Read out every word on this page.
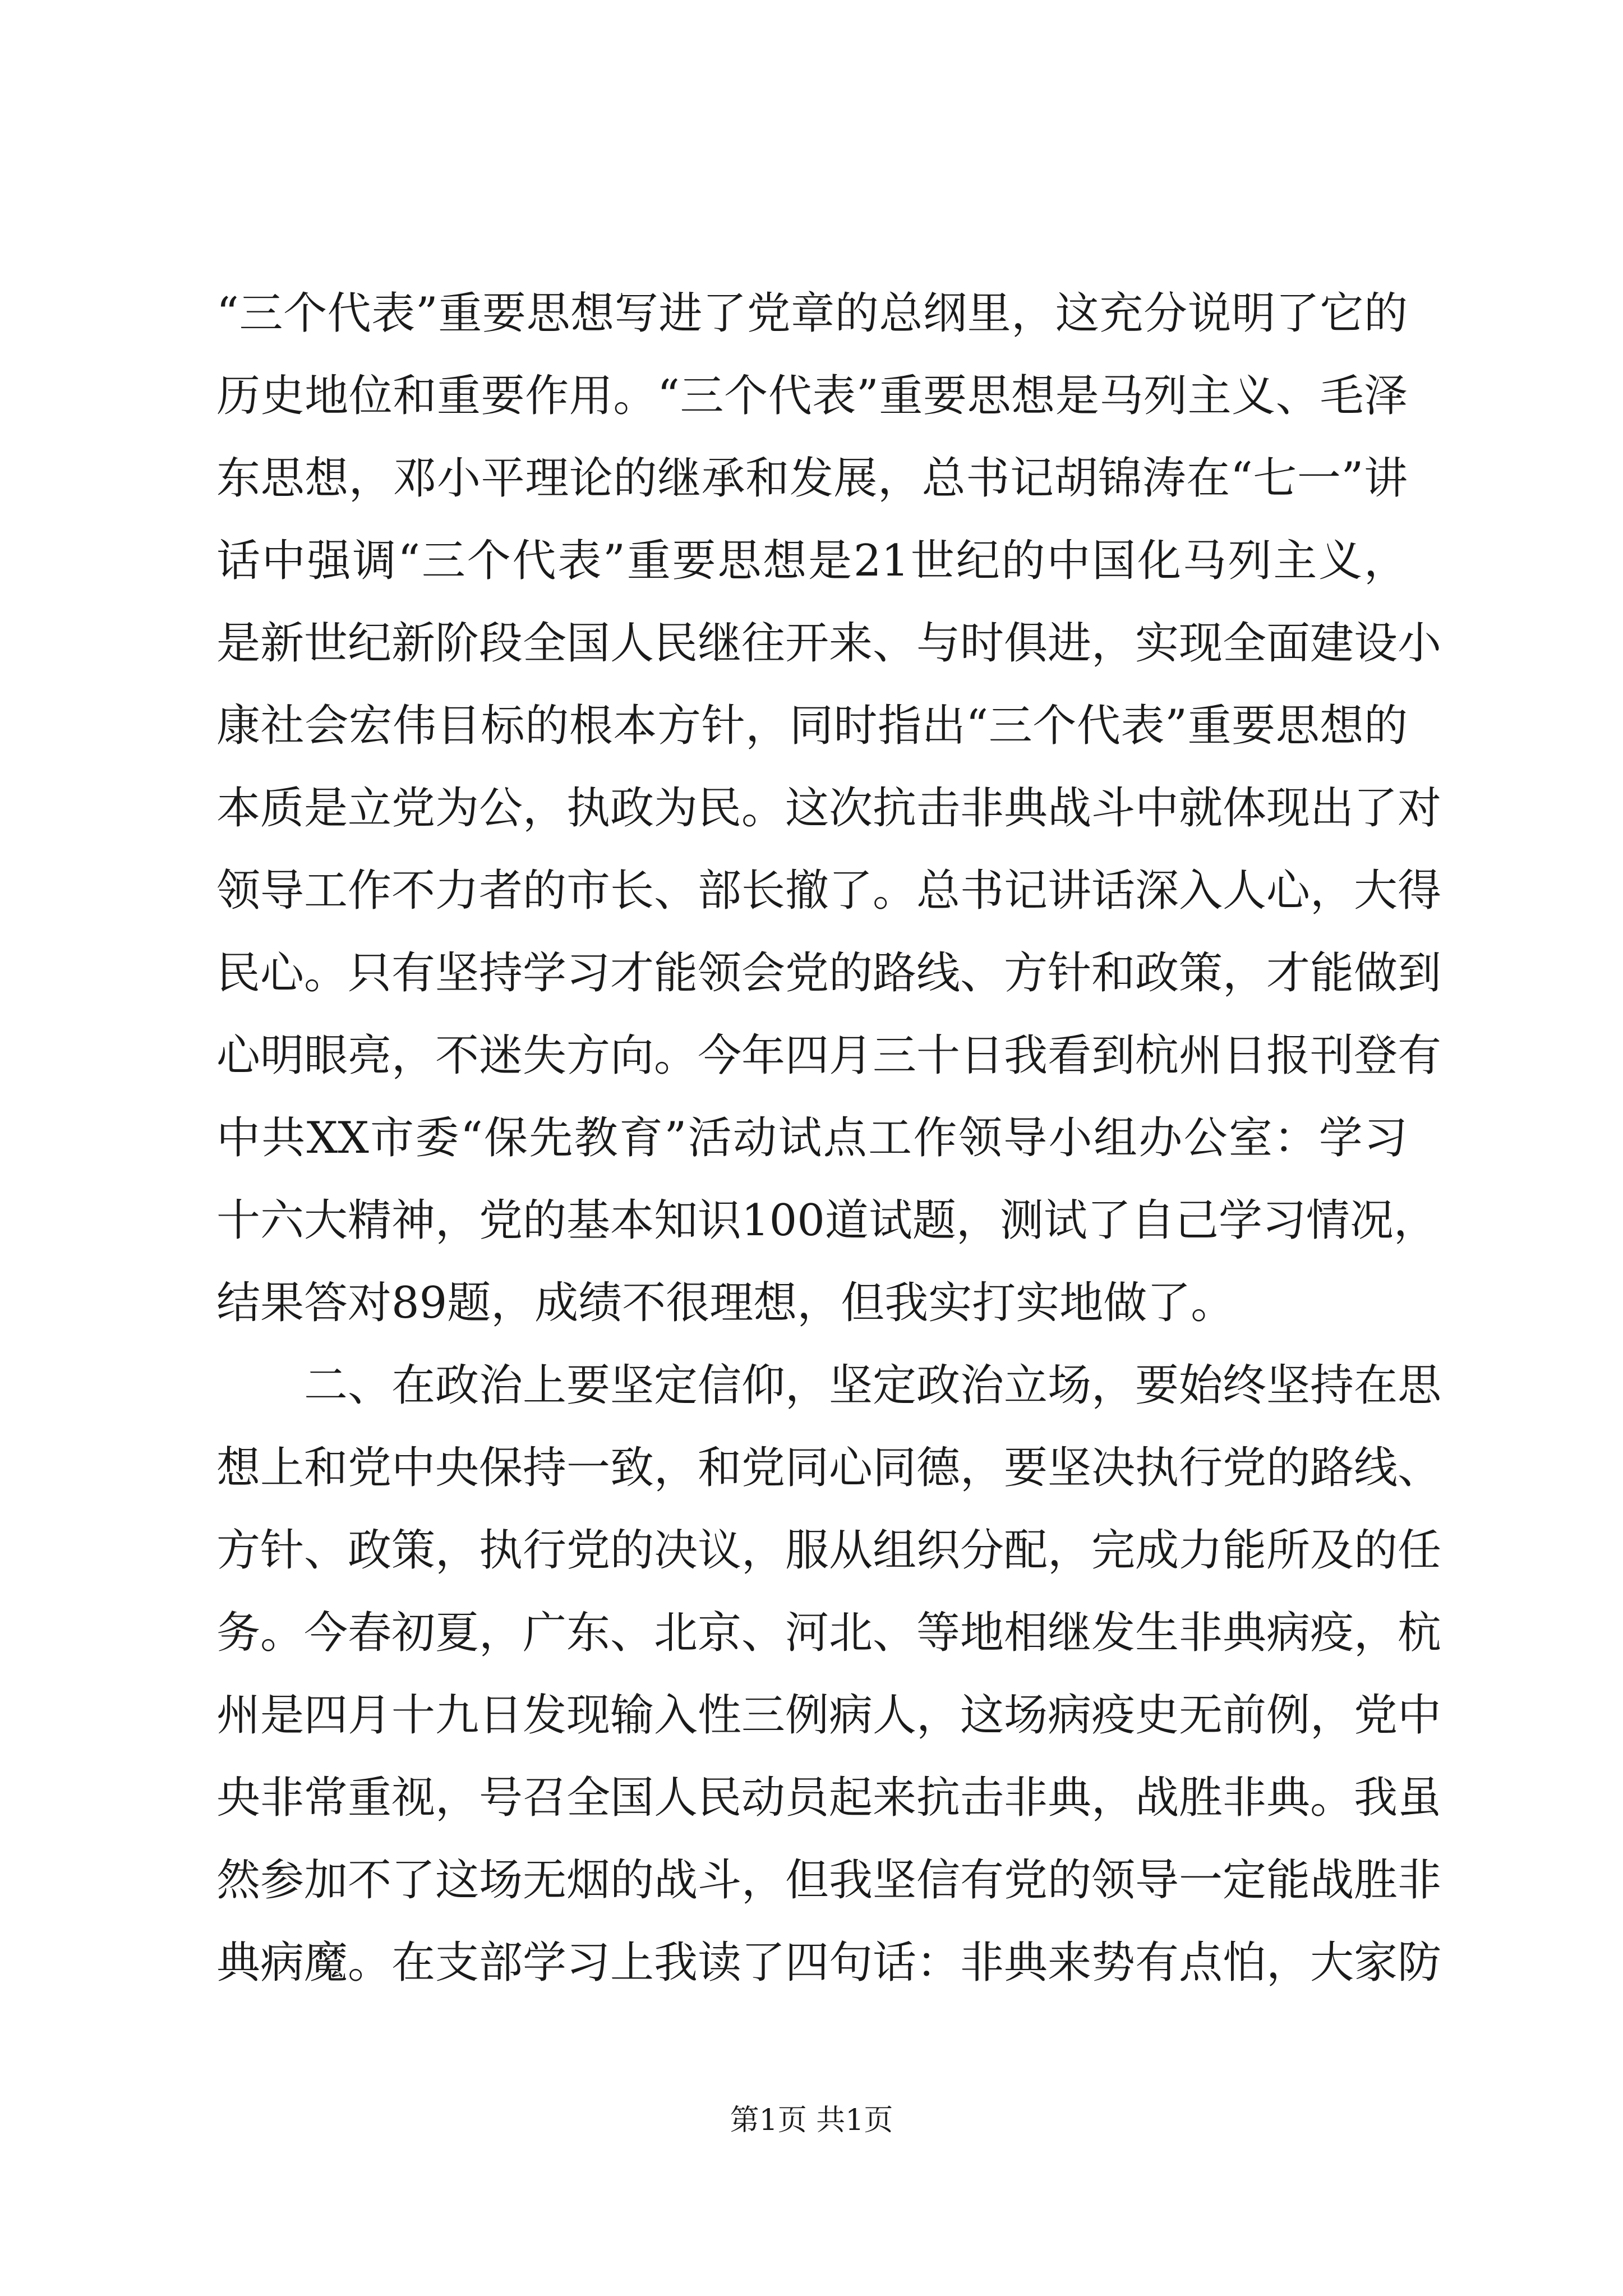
“三个代表”重要思想写进了党章的总纲里，这充分说明了它的
历史地位和重要作用。“三个代表”重要思想是马列主义、毛泽
东思想，邓小平理论的继承和发展，总书记胡锦涛在“七一”讲
话中强调“三个代表”重要思想是21世纪的中国化马列主义，
是新世纪新阶段全国人民继往开来、与时俱进，实现全面建设小
康社会宏伟目标的根本方针，同时指出“三个代表”重要思想的
本质是立党为公，执政为民。这次抗击非典战斗中就体现出了对
领导工作不力者的市长、部长撤了。总书记讲话深入人心，大得
民心。只有坚持学习才能领会党的路线、方针和政策，才能做到
心明眼亮，不迷失方向。今年四月三十日我看到杭州日报刊登有
中共XX市委“保先教育”活动试点工作领导小组办公室：学习
十六大精神，党的基本知识100道试题，测试了自己学习情况，
结果答对89题，成绩不很理想，但我实打实地做了。
二、在政治上要坚定信仰，坚定政治立场，要始终坚持在思
想上和党中央保持一致，和党同心同德，要坚决执行党的路线、
方针、政策，执行党的决议，服从组织分配，完成力能所及的任
务。今春初夏，广东、北京、河北、等地相继发生非典病疫，杭
州是四月十九日发现输入性三例病人，这场病疫史无前例，党中
央非常重视，号召全国人民动员起来抗击非典，战胜非典。我虽
然参加不了这场无烟的战斗，但我坚信有党的领导一定能战胜非
典病魔。在支部学习上我读了四句话：非典来势有点怕，大家防
第1页 共1页
